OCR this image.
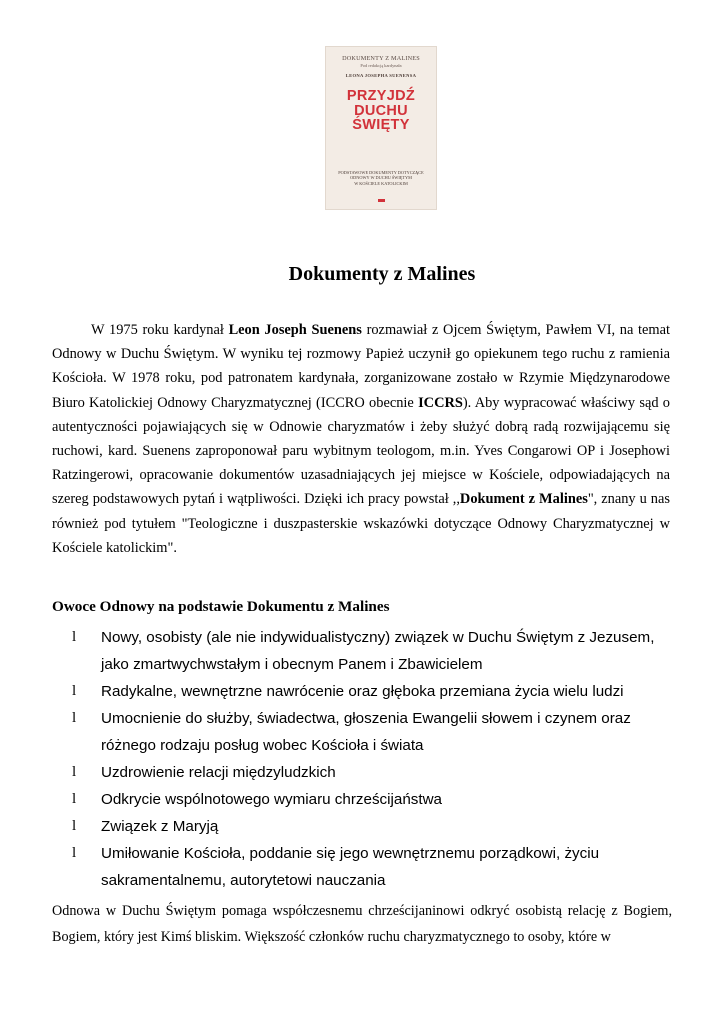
DOKUMENTY Z MALINES
Pod redakcją kardynała
LEONA JOSEPHA SUENENSA
PRZYJDŹ
DUCHU
ŚWIĘTY
PODSTAWOWE DOKUMENTY DOTYCZĄCE
ODNOWY W DUCHU ŚWIĘTYM
W KOŚCIELE KATOLICKIM
Dokumenty z Malines
W 1975 roku kardynał Leon Joseph Suenens rozmawiał z Ojcem Świętym, Pawłem VI, na temat Odnowy w Duchu Świętym. W wyniku tej rozmowy Papież uczynił go opiekunem tego ruchu z ramienia Kościoła. W 1978 roku, pod patronatem kardynała, zorganizowane zostało w Rzymie Międzynarodowe Biuro Katolickiej Odnowy Charyzmatycznej (ICCRO obecnie ICCRS). Aby wypracować właściwy sąd o autentyczności pojawiających się w Odnowie charyzmatów i żeby służyć dobrą radą rozwijającemu się ruchowi, kard. Suenens zaproponował paru wybitnym teologom, m.in. Yves Congarowi OP i Josephowi Ratzingerowi, opracowanie dokumentów uzasadniających jej miejsce w Kościele, odpowiadających na szereg podstawowych pytań i wątpliwości. Dzięki ich pracy powstał ,,Dokument z Malines", znany u nas również pod tytułem "Teologiczne i duszpasterskie wskazówki dotyczące Odnowy Charyzmatycznej w Kościele katolickim".
Owoce Odnowy na podstawie Dokumentu z Malines
l Nowy, osobisty (ale nie indywidualistyczny) związek w Duchu Świętym z Jezusem, jako zmartwychwstałym i obecnym Panem i Zbawicielem
l Radykalne, wewnętrzne nawrócenie oraz głęboka przemiana życia wielu ludzi
l Umocnienie do służby, świadectwa, głoszenia Ewangelii słowem i czynem oraz różnego rodzaju posług wobec Kościoła i świata
l Uzdrowienie relacji międzyludzkich
l Odkrycie wspólnotowego wymiaru chrześcijaństwa
l Związek z Maryją
l Umiłowanie Kościoła, poddanie się jego wewnętrznemu porządkowi, życiu sakramentalnemu, autorytetowi nauczania
Odnowa w Duchu Świętym pomaga współczesnemu chrześcijaninowi odkryć osobistą relację z Bogiem, Bogiem, który jest Kimś bliskim. Większość członków ruchu charyzmatycznego to osoby, które w
